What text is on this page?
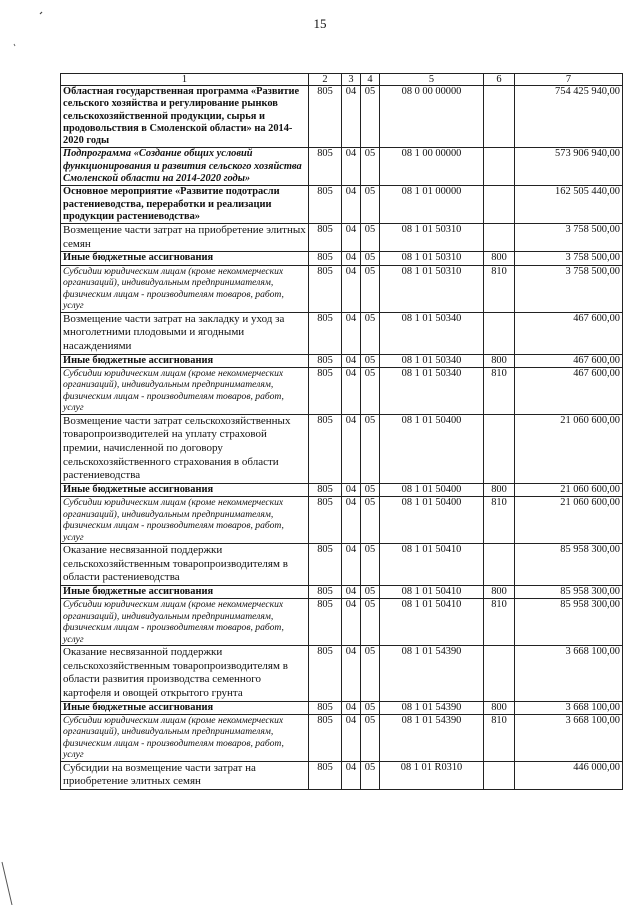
15
1	2	3	4	5	6	7
Областная государственная программа «Развитие сельского хозяйства и регулирование рынков сельскохозяйственной продукции, сырья и продовольствия в Смоленской области» на 2014-2020 годы	805	04	05	08 0 00 00000		754 425 940,00
Подпрограмма «Создание общих условий функционирования и развития сельского хозяйства Смоленской области на 2014-2020 годы»	805	04	05	08 1 00 00000		573 906 940,00
Основное мероприятие «Развитие подотрасли растениеводства, переработки и реализации продукции растениеводства»	805	04	05	08 1 01 00000		162 505 440,00
Возмещение части затрат на приобретение элитных семян	805	04	05	08 1 01 50310		3 758 500,00
Иные бюджетные ассигнования	805	04	05	08 1 01 50310	800	3 758 500,00
Субсидии юридическим лицам (кроме некоммерческих организаций), индивидуальным предпринимателям, физическим лицам - производителям товаров, работ, услуг	805	04	05	08 1 01 50310	810	3 758 500,00
Возмещение части затрат на закладку и уход за многолетними плодовыми и ягодными насаждениями	805	04	05	08 1 01 50340		467 600,00
Иные бюджетные ассигнования	805	04	05	08 1 01 50340	800	467 600,00
Субсидии юридическим лицам (кроме некоммерческих организаций), индивидуальным предпринимателям, физическим лицам - производителям товаров, работ, услуг	805	04	05	08 1 01 50340	810	467 600,00
Возмещение части затрат сельскохозяйственных товаропроизводителей на уплату страховой премии, начисленной по договору сельскохозяйственного страхования в области растениеводства	805	04	05	08 1 01 50400		21 060 600,00
Иные бюджетные ассигнования	805	04	05	08 1 01 50400	800	21 060 600,00
Субсидии юридическим лицам (кроме некоммерческих организаций), индивидуальным предпринимателям, физическим лицам - производителям товаров, работ, услуг	805	04	05	08 1 01 50400	810	21 060 600,00
Оказание несвязанной поддержки сельскохозяйственным товаропроизводителям в области растениеводства	805	04	05	08 1 01 50410		85 958 300,00
Иные бюджетные ассигнования	805	04	05	08 1 01 50410	800	85 958 300,00
Субсидии юридическим лицам (кроме некоммерческих организаций), индивидуальным предпринимателям, физическим лицам - производителям товаров, работ, услуг	805	04	05	08 1 01 50410	810	85 958 300,00
Оказание несвязанной поддержки сельскохозяйственным товаропроизводителям в области развития производства семенного картофеля и овощей открытого грунта	805	04	05	08 1 01 54390		3 668 100,00
Иные бюджетные ассигнования	805	04	05	08 1 01 54390	800	3 668 100,00
Субсидии юридическим лицам (кроме некоммерческих организаций), индивидуальным предпринимателям, физическим лицам - производителям товаров, работ, услуг	805	04	05	08 1 01 54390	810	3 668 100,00
Субсидии на возмещение части затрат на приобретение элитных семян	805	04	05	08 1 01 R0310		446 000,00
